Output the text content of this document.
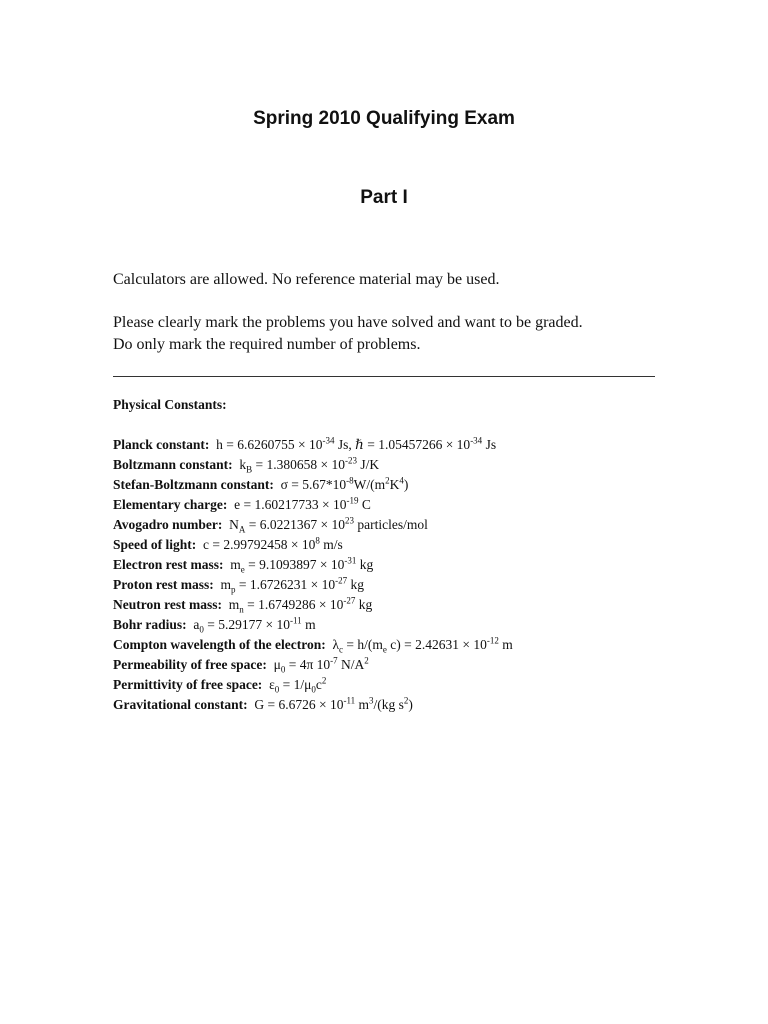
Spring 2010 Qualifying Exam
Part I

Calculators are allowed. No reference material may be used.

Please clearly mark the problems you have solved and want to be graded.

Do only mark the required number of problems.

Physical Constants:
Planck constant:  $h = 6.6260755 \times 10^{-34}$ Js, ℏ = $1.05457266 \times 10^{-34}$ Js
Boltzmann constant:  $k_B = 1.380658 \times 10^{-23}$ J/K
Stefan-Boltzmann constant:  $\sigma = 5.67*10^{-8}W/(m^2K^4)$
Elementary charge:  $e = 1.60217733 \times 10^{-19}$ C
Avogadro number:  $N_A = 6.0221367 \times 10^{23}$ particles/mol
Speed of light:  $c = 2.99792458 \times 10^8$ m/s
Electron rest mass:  $m_e = 9.1093897 \times 10^{-31}$ kg
Proton rest mass:  $m_p = 1.6726231 \times 10^{-27}$ kg
Neutron rest mass:  $m_n = 1.6749286 \times 10^{-27}$ kg
Bohr radius:  $a_0 = 5.29177 \times 10^{-11}$ m
Compton wavelength of the electron:  $\lambda_c = h/(m_e$ $c) = 2.42631 \times 10^{-12}$ m
Permeability of free space:  $\mu_0 = 4\pi$ $10^{-7}$ $N/A^2$
Permittivity of free space:  $\varepsilon_0 = 1/\mu_0c^2$
Gravitational constant:  $G = 6.6726 \times 10^{-11}$ $m^3/(kg$ $s^2$)
